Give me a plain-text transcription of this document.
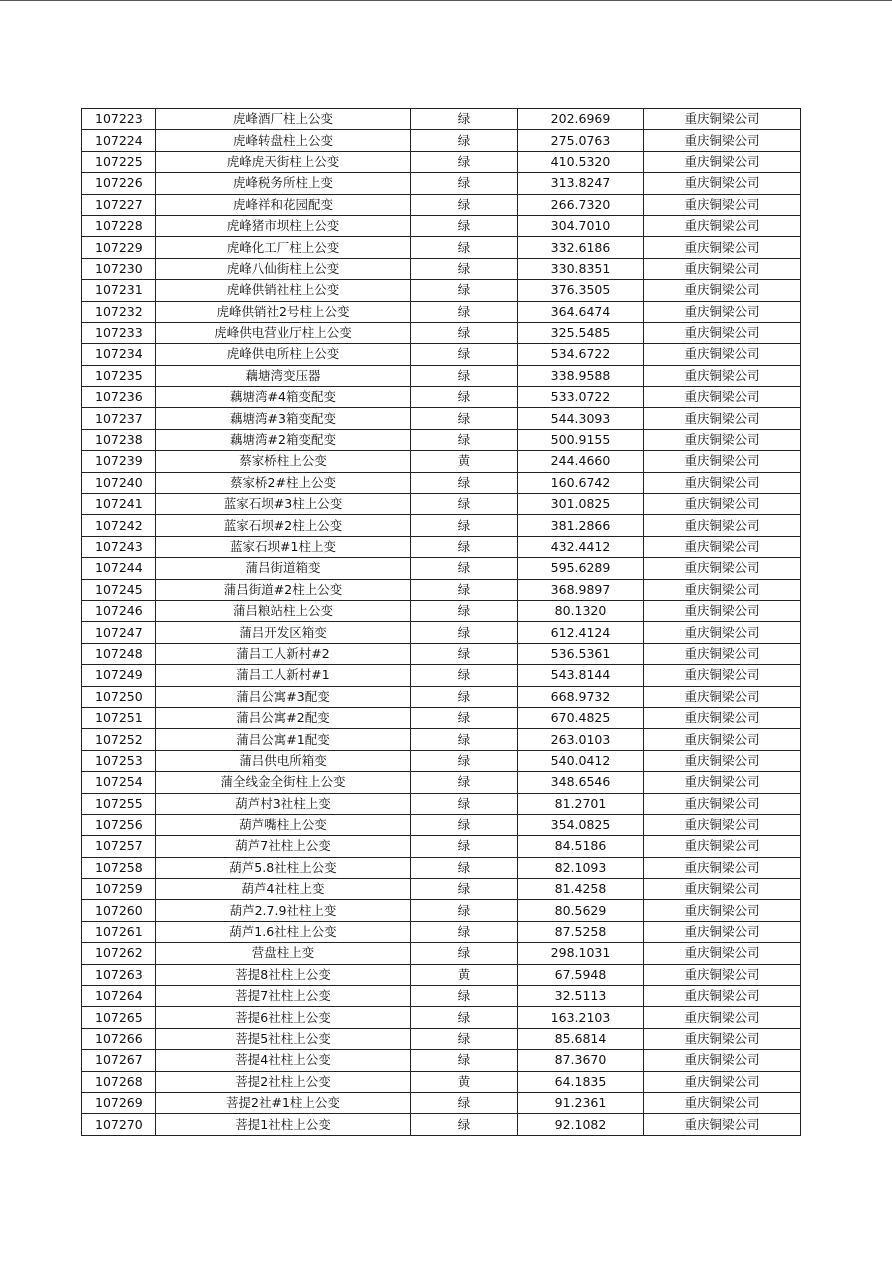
107223	虎峰酒厂柱上公变	绿	202.6969	重庆铜梁公司
107224	虎峰转盘柱上公变	绿	275.0763	重庆铜梁公司
107225	虎峰虎天街柱上公变	绿	410.5320	重庆铜梁公司
107226	虎峰税务所柱上变	绿	313.8247	重庆铜梁公司
107227	虎峰祥和花园配变	绿	266.7320	重庆铜梁公司
107228	虎峰猪市坝柱上公变	绿	304.7010	重庆铜梁公司
107229	虎峰化工厂柱上公变	绿	332.6186	重庆铜梁公司
107230	虎峰八仙街柱上公变	绿	330.8351	重庆铜梁公司
107231	虎峰供销社柱上公变	绿	376.3505	重庆铜梁公司
107232	虎峰供销社2号柱上公变	绿	364.6474	重庆铜梁公司
107233	虎峰供电营业厅柱上公变	绿	325.5485	重庆铜梁公司
107234	虎峰供电所柱上公变	绿	534.6722	重庆铜梁公司
107235	藕塘湾变压器	绿	338.9588	重庆铜梁公司
107236	藕塘湾#4箱变配变	绿	533.0722	重庆铜梁公司
107237	藕塘湾#3箱变配变	绿	544.3093	重庆铜梁公司
107238	藕塘湾#2箱变配变	绿	500.9155	重庆铜梁公司
107239	蔡家桥柱上公变	黄	244.4660	重庆铜梁公司
107240	蔡家桥2#柱上公变	绿	160.6742	重庆铜梁公司
107241	蓝家石坝#3柱上公变	绿	301.0825	重庆铜梁公司
107242	蓝家石坝#2柱上公变	绿	381.2866	重庆铜梁公司
107243	蓝家石坝#1柱上变	绿	432.4412	重庆铜梁公司
107244	蒲吕街道箱变	绿	595.6289	重庆铜梁公司
107245	蒲吕街道#2柱上公变	绿	368.9897	重庆铜梁公司
107246	蒲吕粮站柱上公变	绿	80.1320	重庆铜梁公司
107247	蒲吕开发区箱变	绿	612.4124	重庆铜梁公司
107248	蒲吕工人新村#2	绿	536.5361	重庆铜梁公司
107249	蒲吕工人新村#1	绿	543.8144	重庆铜梁公司
107250	蒲吕公寓#3配变	绿	668.9732	重庆铜梁公司
107251	蒲吕公寓#2配变	绿	670.4825	重庆铜梁公司
107252	蒲吕公寓#1配变	绿	263.0103	重庆铜梁公司
107253	蒲吕供电所箱变	绿	540.0412	重庆铜梁公司
107254	蒲全线金全街柱上公变	绿	348.6546	重庆铜梁公司
107255	葫芦村3社柱上变	绿	81.2701	重庆铜梁公司
107256	葫芦嘴柱上公变	绿	354.0825	重庆铜梁公司
107257	葫芦7社柱上公变	绿	84.5186	重庆铜梁公司
107258	葫芦5.8社柱上公变	绿	82.1093	重庆铜梁公司
107259	葫芦4社柱上变	绿	81.4258	重庆铜梁公司
107260	葫芦2.7.9社柱上变	绿	80.5629	重庆铜梁公司
107261	葫芦1.6社柱上公变	绿	87.5258	重庆铜梁公司
107262	营盘柱上变	绿	298.1031	重庆铜梁公司
107263	菩提8社柱上公变	黄	67.5948	重庆铜梁公司
107264	菩提7社柱上公变	绿	32.5113	重庆铜梁公司
107265	菩提6社柱上公变	绿	163.2103	重庆铜梁公司
107266	菩提5社柱上公变	绿	85.6814	重庆铜梁公司
107267	菩提4社柱上公变	绿	87.3670	重庆铜梁公司
107268	菩提2社柱上公变	黄	64.1835	重庆铜梁公司
107269	菩提2社#1柱上公变	绿	91.2361	重庆铜梁公司
107270	菩提1社柱上公变	绿	92.1082	重庆铜梁公司
